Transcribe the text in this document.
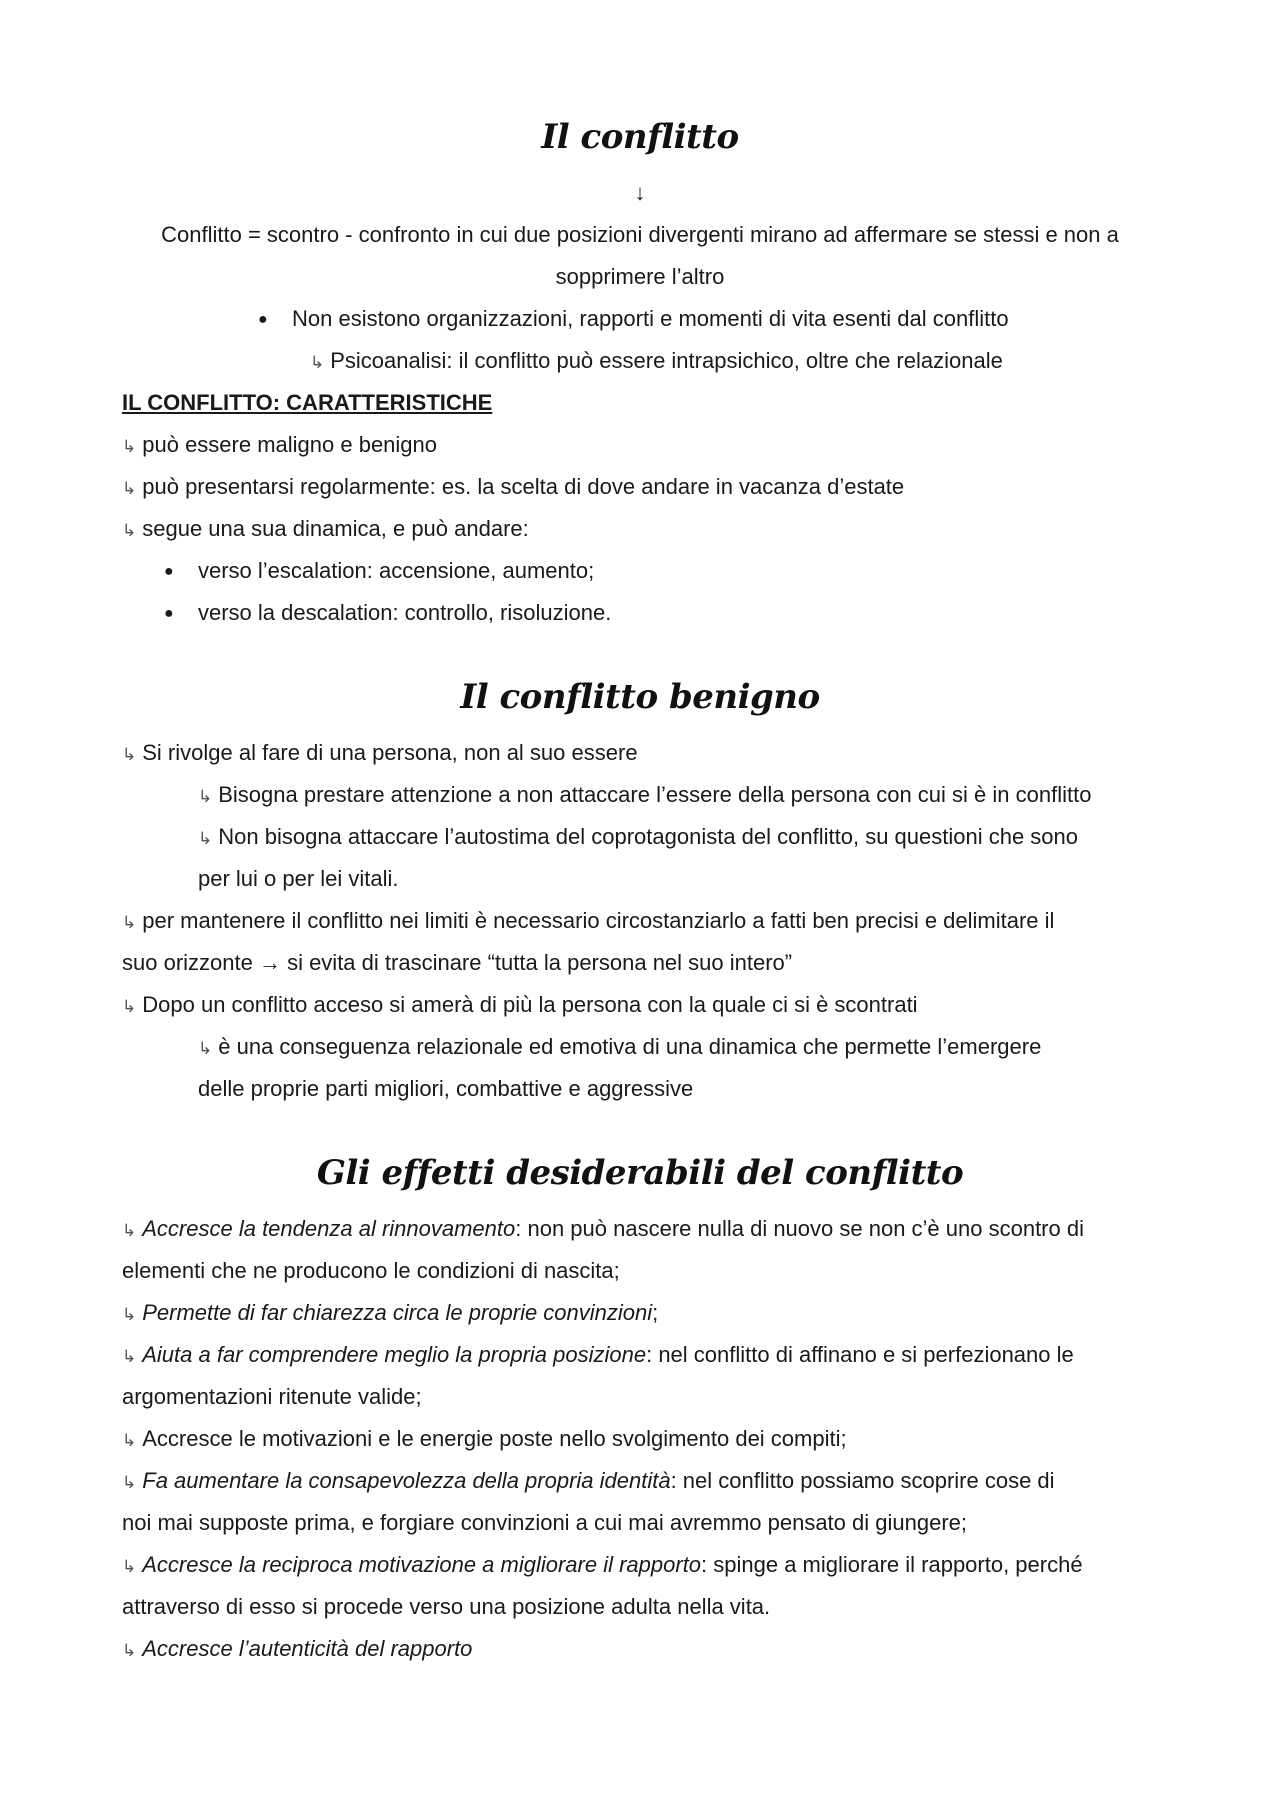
Il conflitto
↓
Conflitto = scontro - confronto in cui due posizioni divergenti mirano ad affermare se stessi e non a
sopprimere l’altro
● Non esistono organizzazioni, rapporti e momenti di vita esenti dal conflitto
↳ Psicoanalisi: il conflitto può essere intrapsichico, oltre che relazionale
IL CONFLITTO: CARATTERISTICHE
↳ può essere maligno e benigno
↳ può presentarsi regolarmente: es. la scelta di dove andare in vacanza d’estate
↳ segue una sua dinamica, e può andare:
● verso l’escalation: accensione, aumento;
● verso la descalation: controllo, risoluzione.
Il conflitto benigno
↳ Si rivolge al fare di una persona, non al suo essere
↳ Bisogna prestare attenzione a non attaccare l’essere della persona con cui si è in conflitto
↳ Non bisogna attaccare l’autostima del coprotagonista del conflitto, su questioni che sono
per lui o per lei vitali.
↳ per mantenere il conflitto nei limiti è necessario circostanziarlo a fatti ben precisi e delimitare il
suo orizzonte → si evita di trascinare “tutta la persona nel suo intero”
↳ Dopo un conflitto acceso si amerà di più la persona con la quale ci si è scontrati
↳ è una conseguenza relazionale ed emotiva di una dinamica che permette l’emergere
delle proprie parti migliori, combattive e aggressive
Gli effetti desiderabili del conflitto
↳ Accresce la tendenza al rinnovamento: non può nascere nulla di nuovo se non c’è uno scontro di
elementi che ne producono le condizioni di nascita;
↳ Permette di far chiarezza circa le proprie convinzioni;
↳ Aiuta a far comprendere meglio la propria posizione: nel conflitto di affinano e si perfezionano le
argomentazioni ritenute valide;
↳ Accresce le motivazioni e le energie poste nello svolgimento dei compiti;
↳ Fa aumentare la consapevolezza della propria identità: nel conflitto possiamo scoprire cose di
noi mai supposte prima, e forgiare convinzioni a cui mai avremmo pensato di giungere;
↳ Accresce la reciproca motivazione a migliorare il rapporto: spinge a migliorare il rapporto, perché
attraverso di esso si procede verso una posizione adulta nella vita.
↳ Accresce l’autenticità del rapporto
